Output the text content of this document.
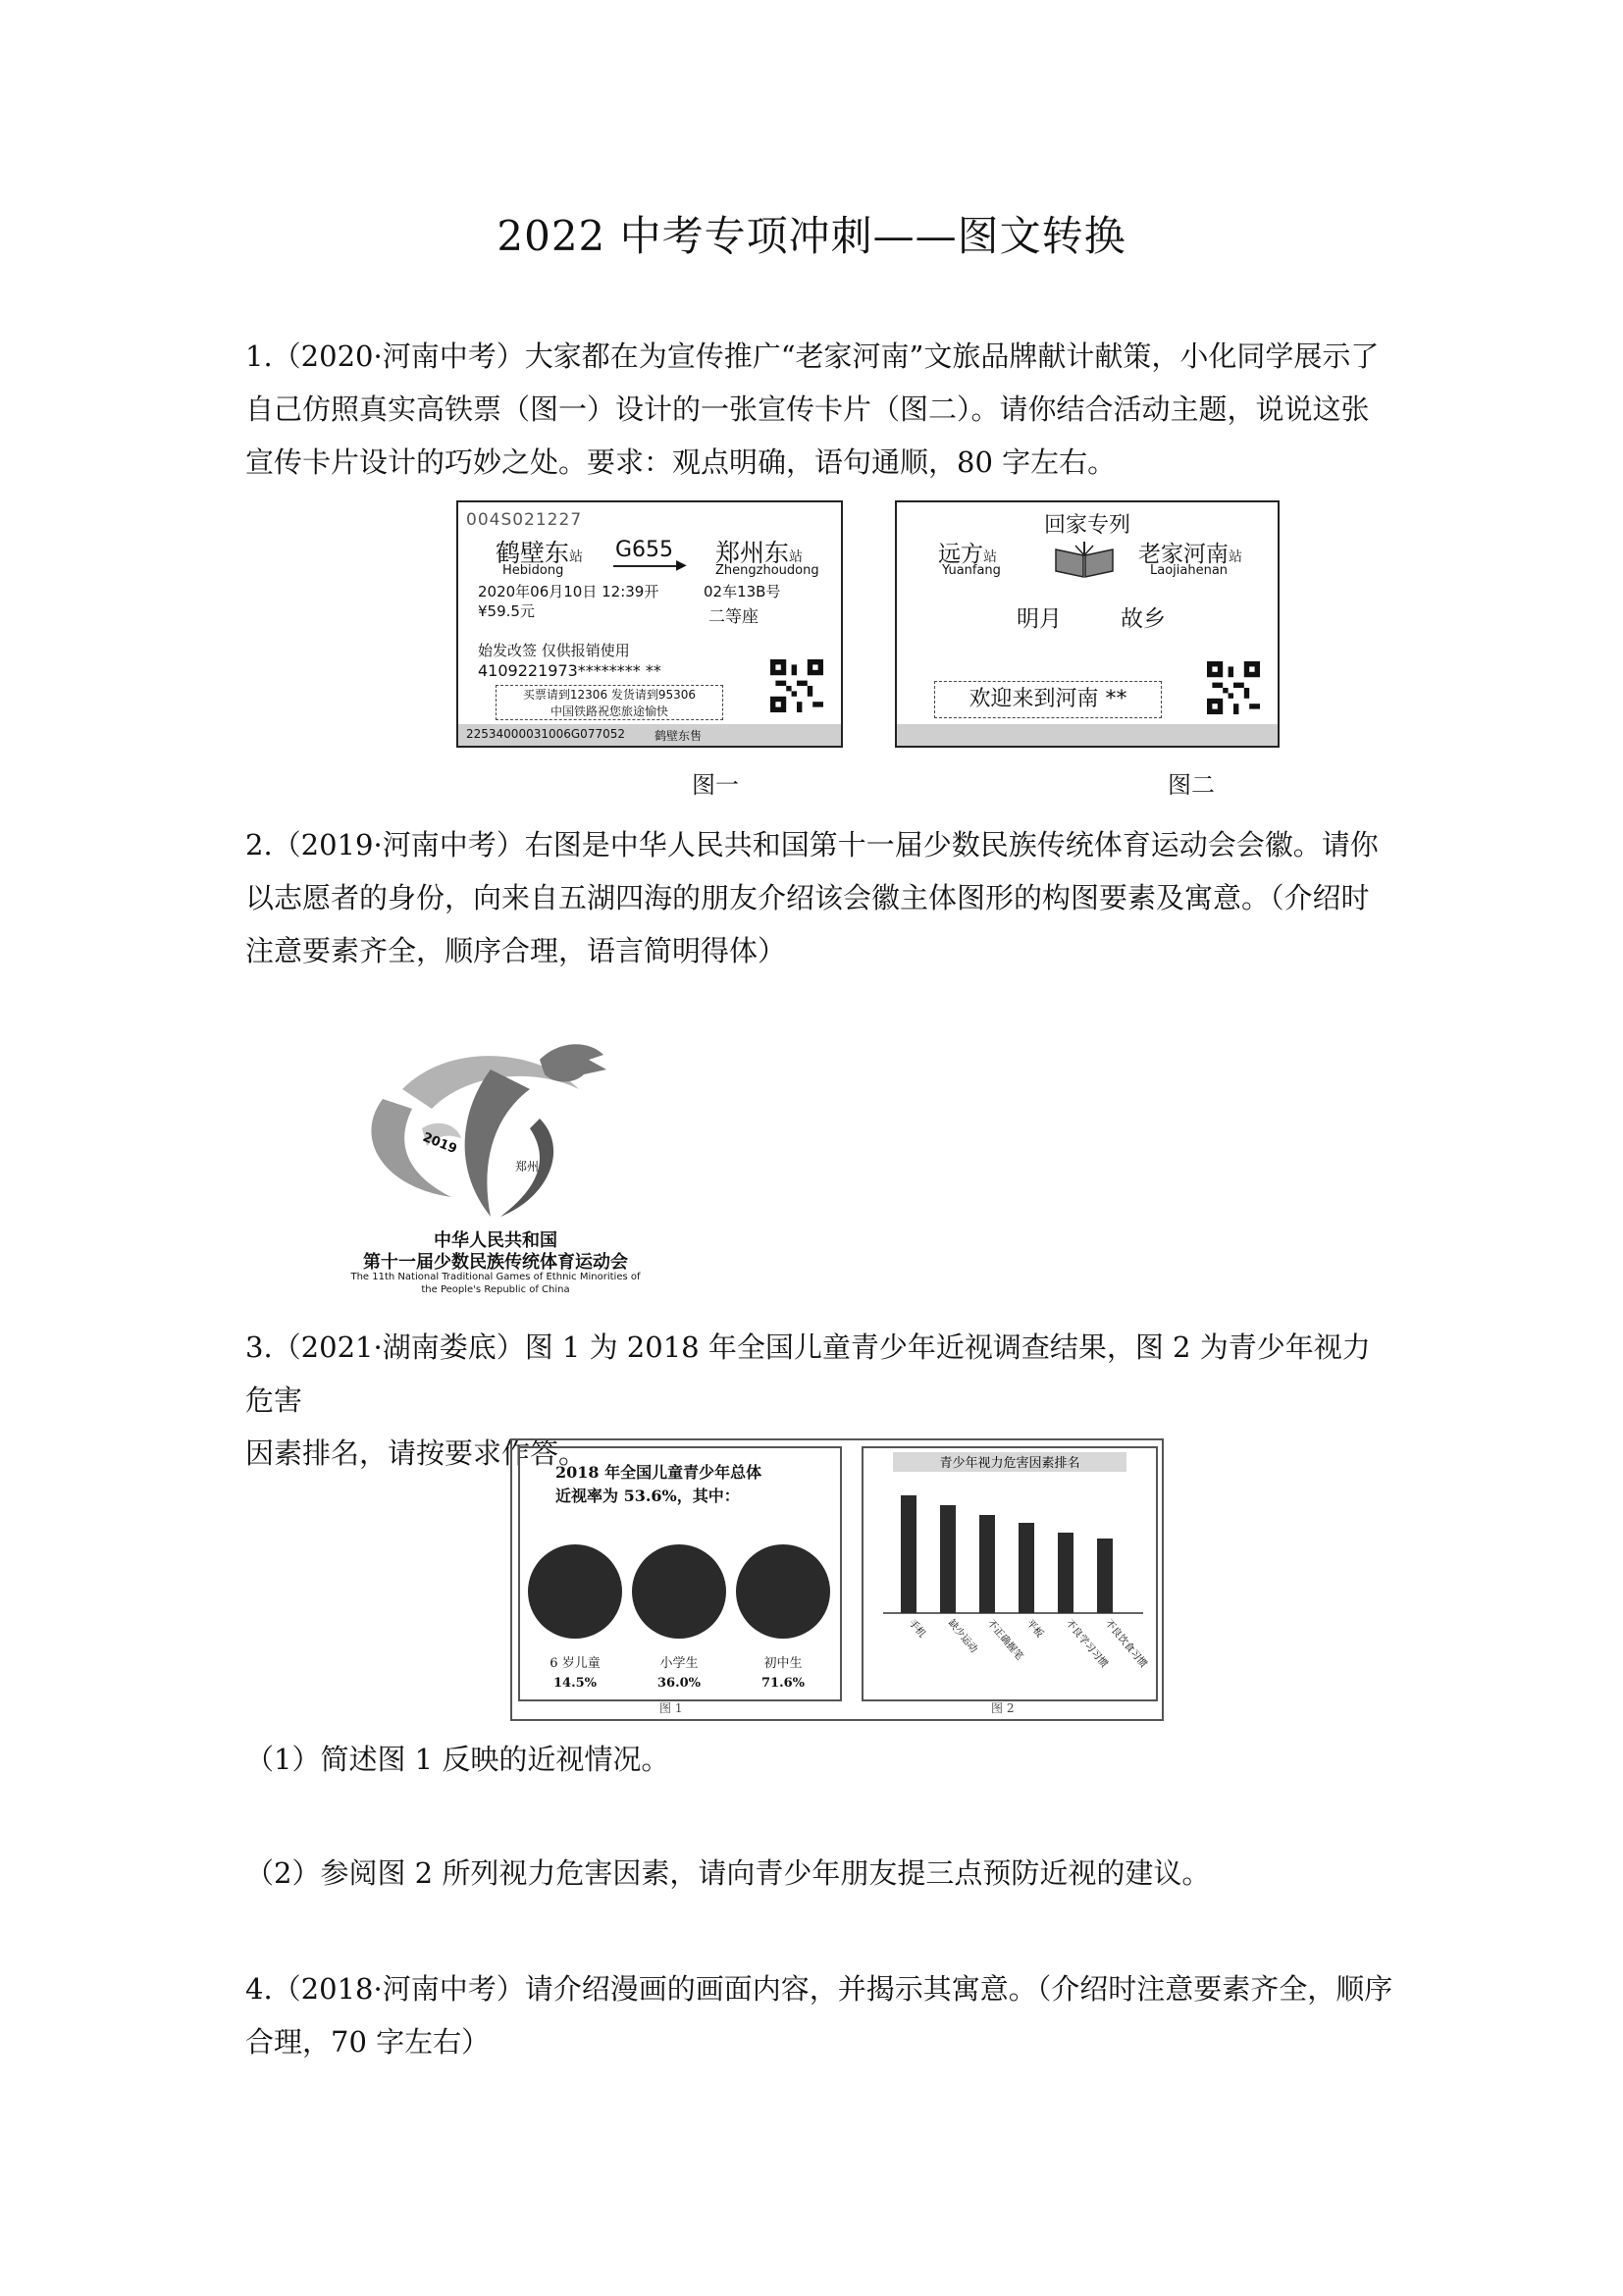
2022 中考专项冲刺——图文转换
1.（2020·河南中考）大家都在为宣传推广“老家河南”文旅品牌献计献策，小化同学展示了
自己仿照真实高铁票（图一）设计的一张宣传卡片（图二）。请你结合活动主题，说说这张
宣传卡片设计的巧妙之处。要求：观点明确，语句通顺，80 字左右。
004S021227
鹤壁东站
Hebidong
G655
▶ 郑州东站
Zhengzhoudong
2020年06月10日 12:39开	02车13B号
¥59.5元	二等座
始发改签 仅供报销使用
4109221973******** **
买票请到12306 发货请到95306
中国铁路祝您旅途愉快
22534000031006G077052	鹤壁东售
图一
回家专列
远方站
Yuanfang
老家河南站
Laojiahenan
明月	故乡
欢迎来到河南 **
图二
2.（2019·河南中考）右图是中华人民共和国第十一届少数民族传统体育运动会会徽。请你
以志愿者的身份，向来自五湖四海的朋友介绍该会徽主体图形的构图要素及寓意。（介绍时
注意要素齐全，顺序合理，语言简明得体）
2019
郑州
中华人民共和国
第十一届少数民族传统体育运动会
The 11th National Traditional Games of Ethnic Minorities of
the People's Republic of China
3.（2021·湖南娄底）图 1 为 2018 年全国儿童青少年近视调查结果，图 2 为青少年视力危害
因素排名，请按要求作答。
2018 年全国儿童青少年总体
近视率为 53.6%，其中：
6 岁儿童	小学生	初中生
14.5%	36.0%	71.6%
图 1
青少年视力危害因素排名
手机 缺少运动 不正确握笔 平板 不良学习习惯
不良饮食习惯
图 2
（1）简述图 1 反映的近视情况。
（2）参阅图 2 所列视力危害因素，请向青少年朋友提三点预防近视的建议。
4.（2018·河南中考）请介绍漫画的画面内容，并揭示其寓意。（介绍时注意要素齐全，顺序
合理，70 字左右）
